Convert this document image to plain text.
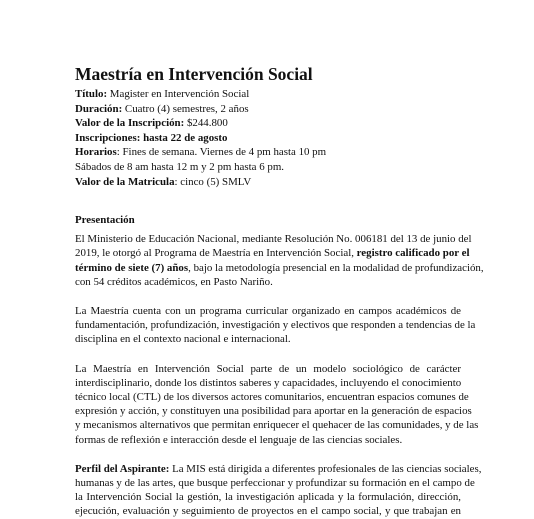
Maestría en Intervención Social
Título: Magister en Intervención Social
Duración: Cuatro (4) semestres, 2 años
Valor de la Inscripción: $244.800
Inscripciones: hasta 22 de agosto
Horarios: Fines de semana. Viernes de 4 pm hasta 10 pm
Sábados de 8 am hasta 12 m y 2 pm hasta 6 pm.
Valor de la Matricula: cinco (5) SMLV
Presentación
El Ministerio de Educación Nacional, mediante Resolución No. 006181 del 13 de junio del
2019, le otorgó al Programa de Maestría en Intervención Social, registro calificado por el
término de siete (7) años, bajo la metodología presencial en la modalidad de profundización,
con 54 créditos académicos, en Pasto Nariño.
La Maestría cuenta con un programa curricular organizado en campos académicos de
fundamentación, profundización, investigación y electivos que responden a tendencias de la
disciplina en el contexto nacional e internacional.
La Maestría en Intervención Social parte de un modelo sociológico de carácter
interdisciplinario, donde los distintos saberes y capacidades, incluyendo el conocimiento
técnico local (CTL) de los diversos actores comunitarios, encuentran espacios comunes de
expresión y acción, y constituyen una posibilidad para aportar en la generación de espacios
y mecanismos alternativos que permitan enriquecer el quehacer de las comunidades, y de las
formas de reflexión e interacción desde el lenguaje de las ciencias sociales.
Perfil del Aspirante: La MIS está dirigida a diferentes profesionales de las ciencias sociales,
humanas y de las artes, que busque perfeccionar y profundizar su formación en el campo de
la Intervención Social la gestión, la investigación aplicada y la formulación, dirección,
ejecución, evaluación y seguimiento de proyectos en el campo social, y que trabajan en
